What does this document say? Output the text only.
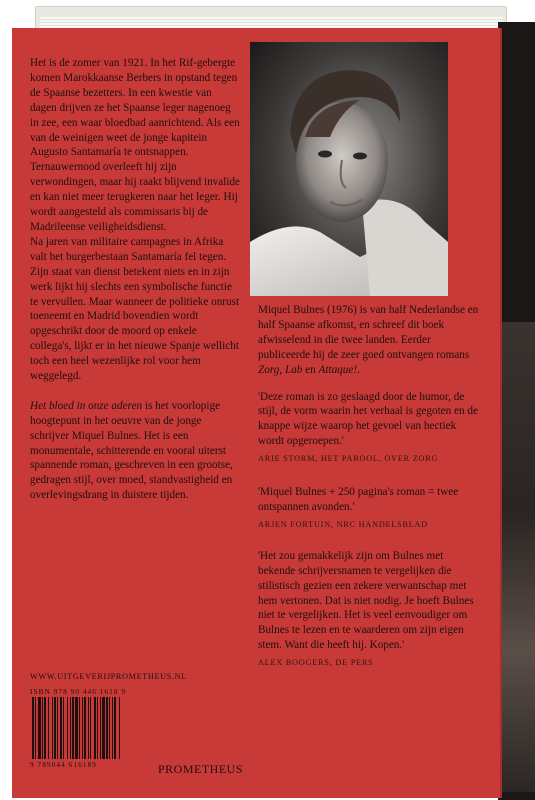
Het is de zomer van 1921. In het Rif-gebergte komen Marokkaanse Berbers in opstand tegen de Spaanse bezetters. In een kwestie van dagen drijven ze het Spaanse leger nagenoeg in zee, een waar bloedbad aanrichtend. Als een van de weinigen weet de jonge kapitein Augusto Santamaría te ontsnappen. Ternauwernood overleeft hij zijn verwondingen, maar hij raakt blijvend invalide en kan niet meer terugkeren naar het leger. Hij wordt aangesteld als commissaris bij de Madrileense veiligheidsdienst.

Na jaren van militaire campagnes in Afrika valt het burgerbestaan Santamaría fel tegen. Zijn staat van dienst betekent niets en in zijn werk lijkt hij slechts een symbolische functie te vervullen. Maar wanneer de politieke onrust toeneemt en Madrid bovendien wordt opgeschrikt door de moord op enkele collega's, lijkt er in het nieuwe Spanje wellicht toch een heel wezenlijke rol voor hem weggelegd.

Het bloed in onze aderen is het voorlopige hoogtepunt in het oeuvre van de jonge schrijver Miquel Bulnes. Het is een monumentale, schitterende en vooral uiterst spannende roman, geschreven in een grootse, gedragen stijl, over moed, standvastigheid en overlevingsdrang in duistere tijden.

Miquel Bulnes (1976) is van half Nederlandse en half Spaanse afkomst, en schreef dit boek afwisselend in die twee landen. Eerder publiceerde hij de zeer goed ontvangen romans Zorg, Lab en Attaque!.

'Deze roman is zo geslaagd door de humor, de stijl, de vorm waarin het verhaal is gegoten en de knappe wijze waarop het gevoel van hectiek wordt opgeroepen.'

ARIE STORM, HET PAROOL, OVER ZORG

'Miquel Bulnes + 250 pagina's roman = twee ontspannen avonden.'

ARJEN FORTUIN, NRC HANDELSBLAD

'Het zou gemakkelijk zijn om Bulnes met bekende schrijversnamen te vergelijken die stilistisch gezien een zekere verwantschap met hem vertonen. Dat is niet nodig. Je hoeft Bulnes niet te vergelijken. Het is veel eenvoudiger om Bulnes te lezen en te waarderen om zijn eigen stem. Want die heeft hij. Kopen.'

ALEX BOOGERS, DE PERS

WWW.UITGEVERIJPROMETHEUS.NL
ISBN 978 90 446 1618 9
9 789044 616189	PROMETHEUS
